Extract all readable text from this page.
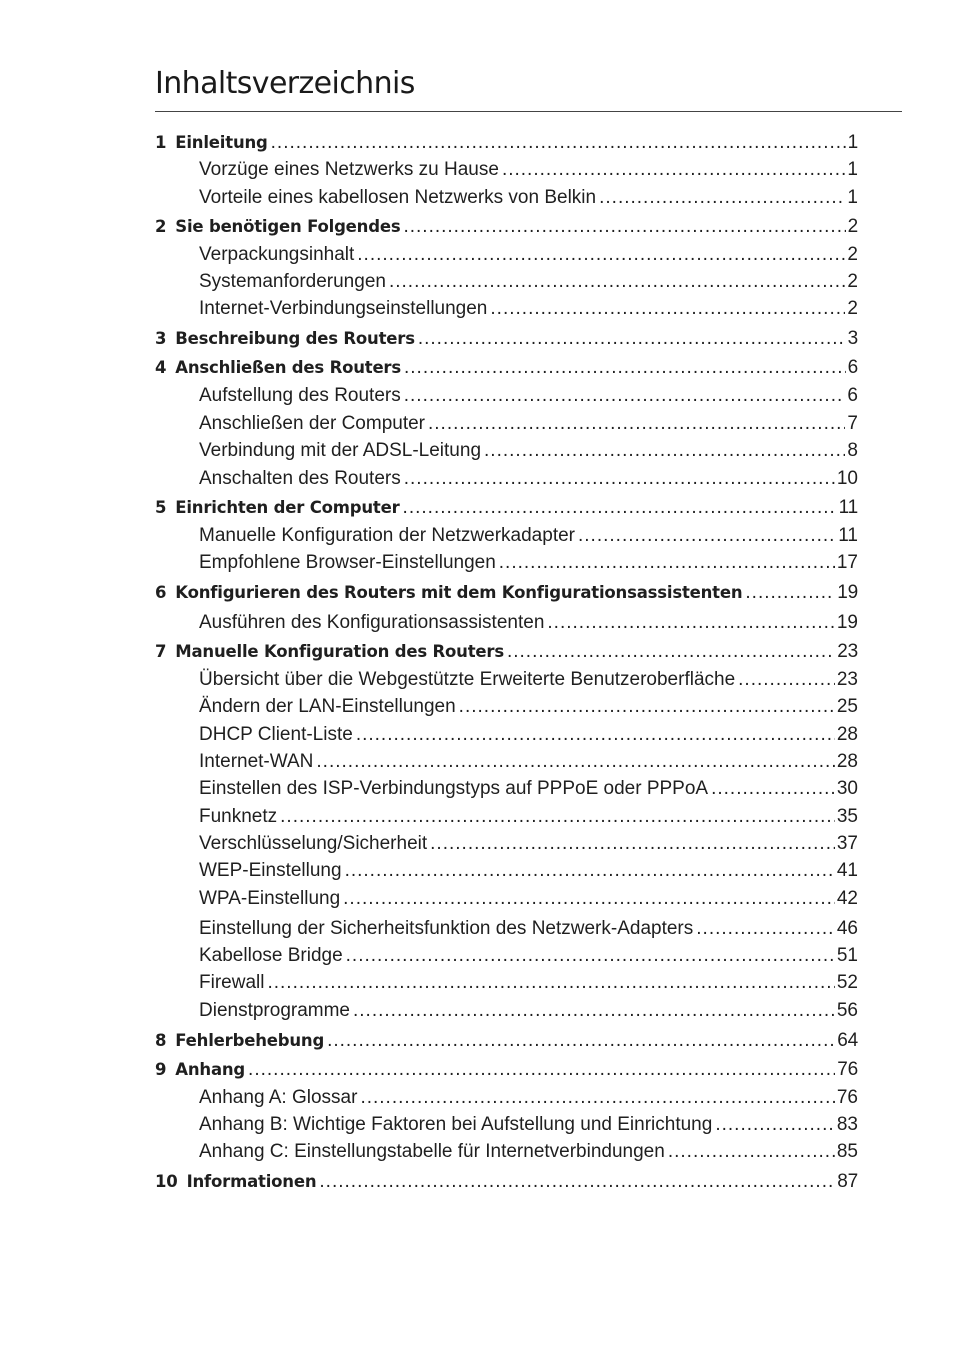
Inhaltsverzeichnis
1 Einleitung .....	1
Vorzüge eines Netzwerks zu Hause .....	1
Vorteile eines kabellosen Netzwerks von Belkin .....	1
2 Sie benötigen Folgendes .....	2
Verpackungsinhalt .....	2
Systemanforderungen .....	2
Internet-Verbindungseinstellungen .....	2
3 Beschreibung des Routers .....	3
4 Anschließen des Routers .....	6
Aufstellung des Routers .....	6
Anschließen der Computer .....	7
Verbindung mit der ADSL-Leitung .....	8
Anschalten des Routers .....	10
5 Einrichten der Computer .....	11
Manuelle Konfiguration der Netzwerkadapter .....	11
Empfohlene Browser-Einstellungen .....	17
6 Konfigurieren des Routers mit dem Konfigurationsassistenten .....	19
Ausführen des Konfigurationsassistenten .....	19
7 Manuelle Konfiguration des Routers .....	23
Übersicht über die Webgestützte Erweiterte Benutzeroberfläche .....	23
Ändern der LAN-Einstellungen .....	25
DHCP Client-Liste .....	28
Internet-WAN .....	28
Einstellen des ISP-Verbindungstyps auf PPPoE oder PPPoA .....	30
Funknetz .....	35
Verschlüsselung/Sicherheit .....	37
WEP-Einstellung .....	41
WPA-Einstellung .....	42
Einstellung der Sicherheitsfunktion des Netzwerk-Adapters .....	46
Kabellose Bridge .....	51
Firewall .....	52
Dienstprogramme .....	56
8 Fehlerbehebung .....	64
9 Anhang .....	76
Anhang A: Glossar .....	76
Anhang B: Wichtige Faktoren bei Aufstellung und Einrichtung .....	83
Anhang C: Einstellungstabelle für Internetverbindungen .....	85
10 Informationen .....	87
